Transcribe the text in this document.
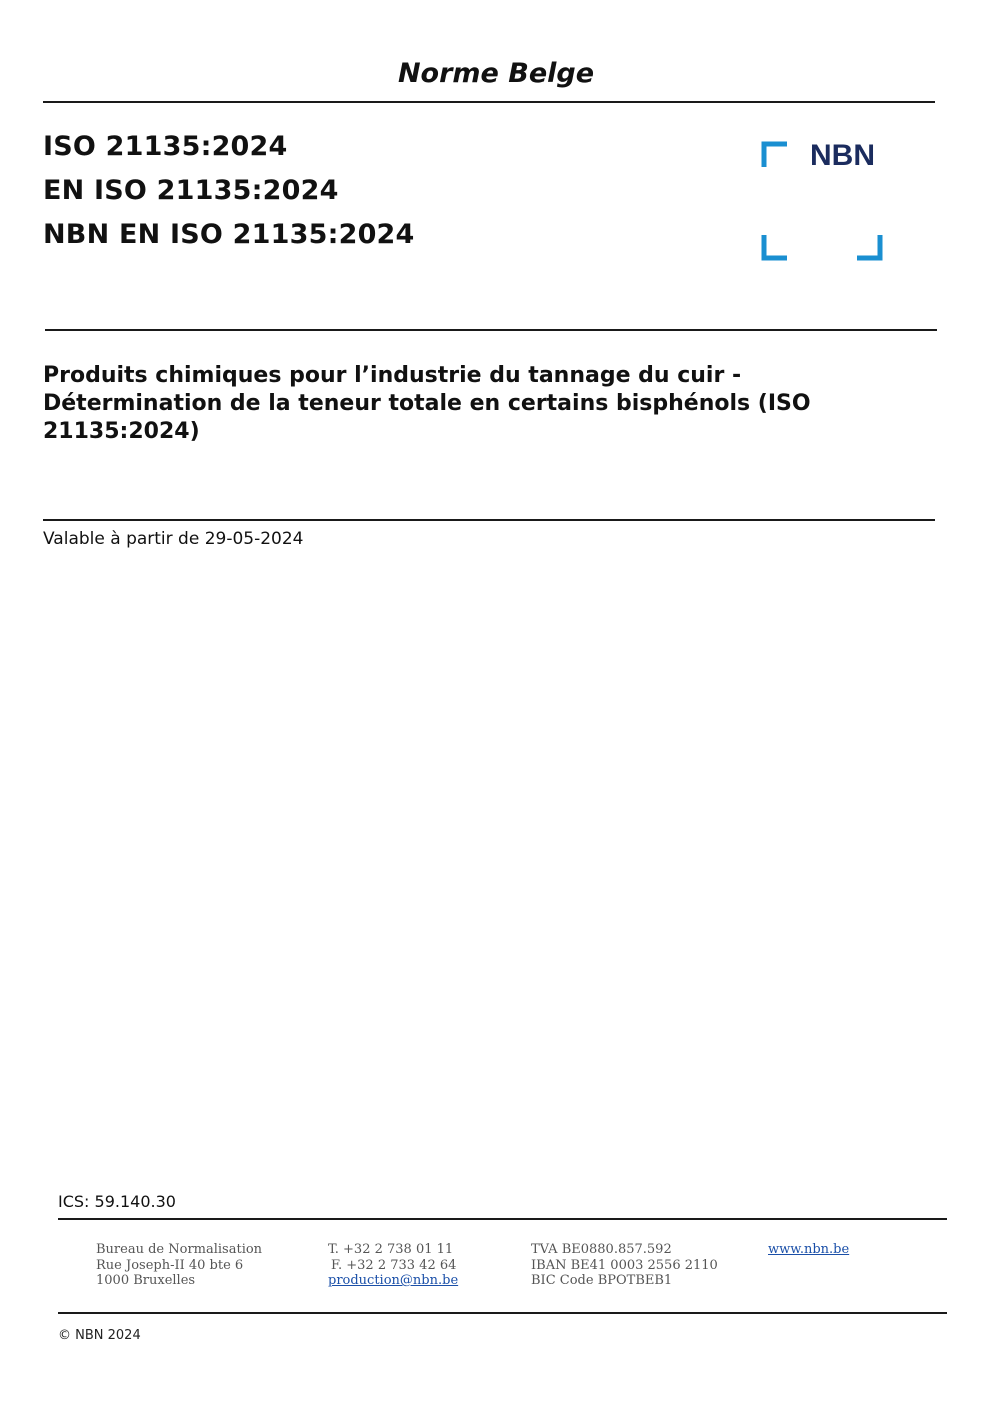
Norme Belge
ISO 21135:2024
EN ISO 21135:2024
NBN EN ISO 21135:2024
NBN
Produits chimiques pour l’industrie du tannage du cuir - Détermination de la teneur totale en certains bisphénols (ISO 21135:2024)
Valable à partir de 29-05-2024
ICS: 59.140.30
Bureau de Normalisation
Rue Joseph-II 40 bte 6
1000 Bruxelles
T. +32 2 738 01 11
F. +32 2 733 42 64
production@nbn.be
TVA BE0880.857.592
IBAN BE41 0003 2556 2110
BIC Code BPOTBEB1
www.nbn.be
© NBN 2024
